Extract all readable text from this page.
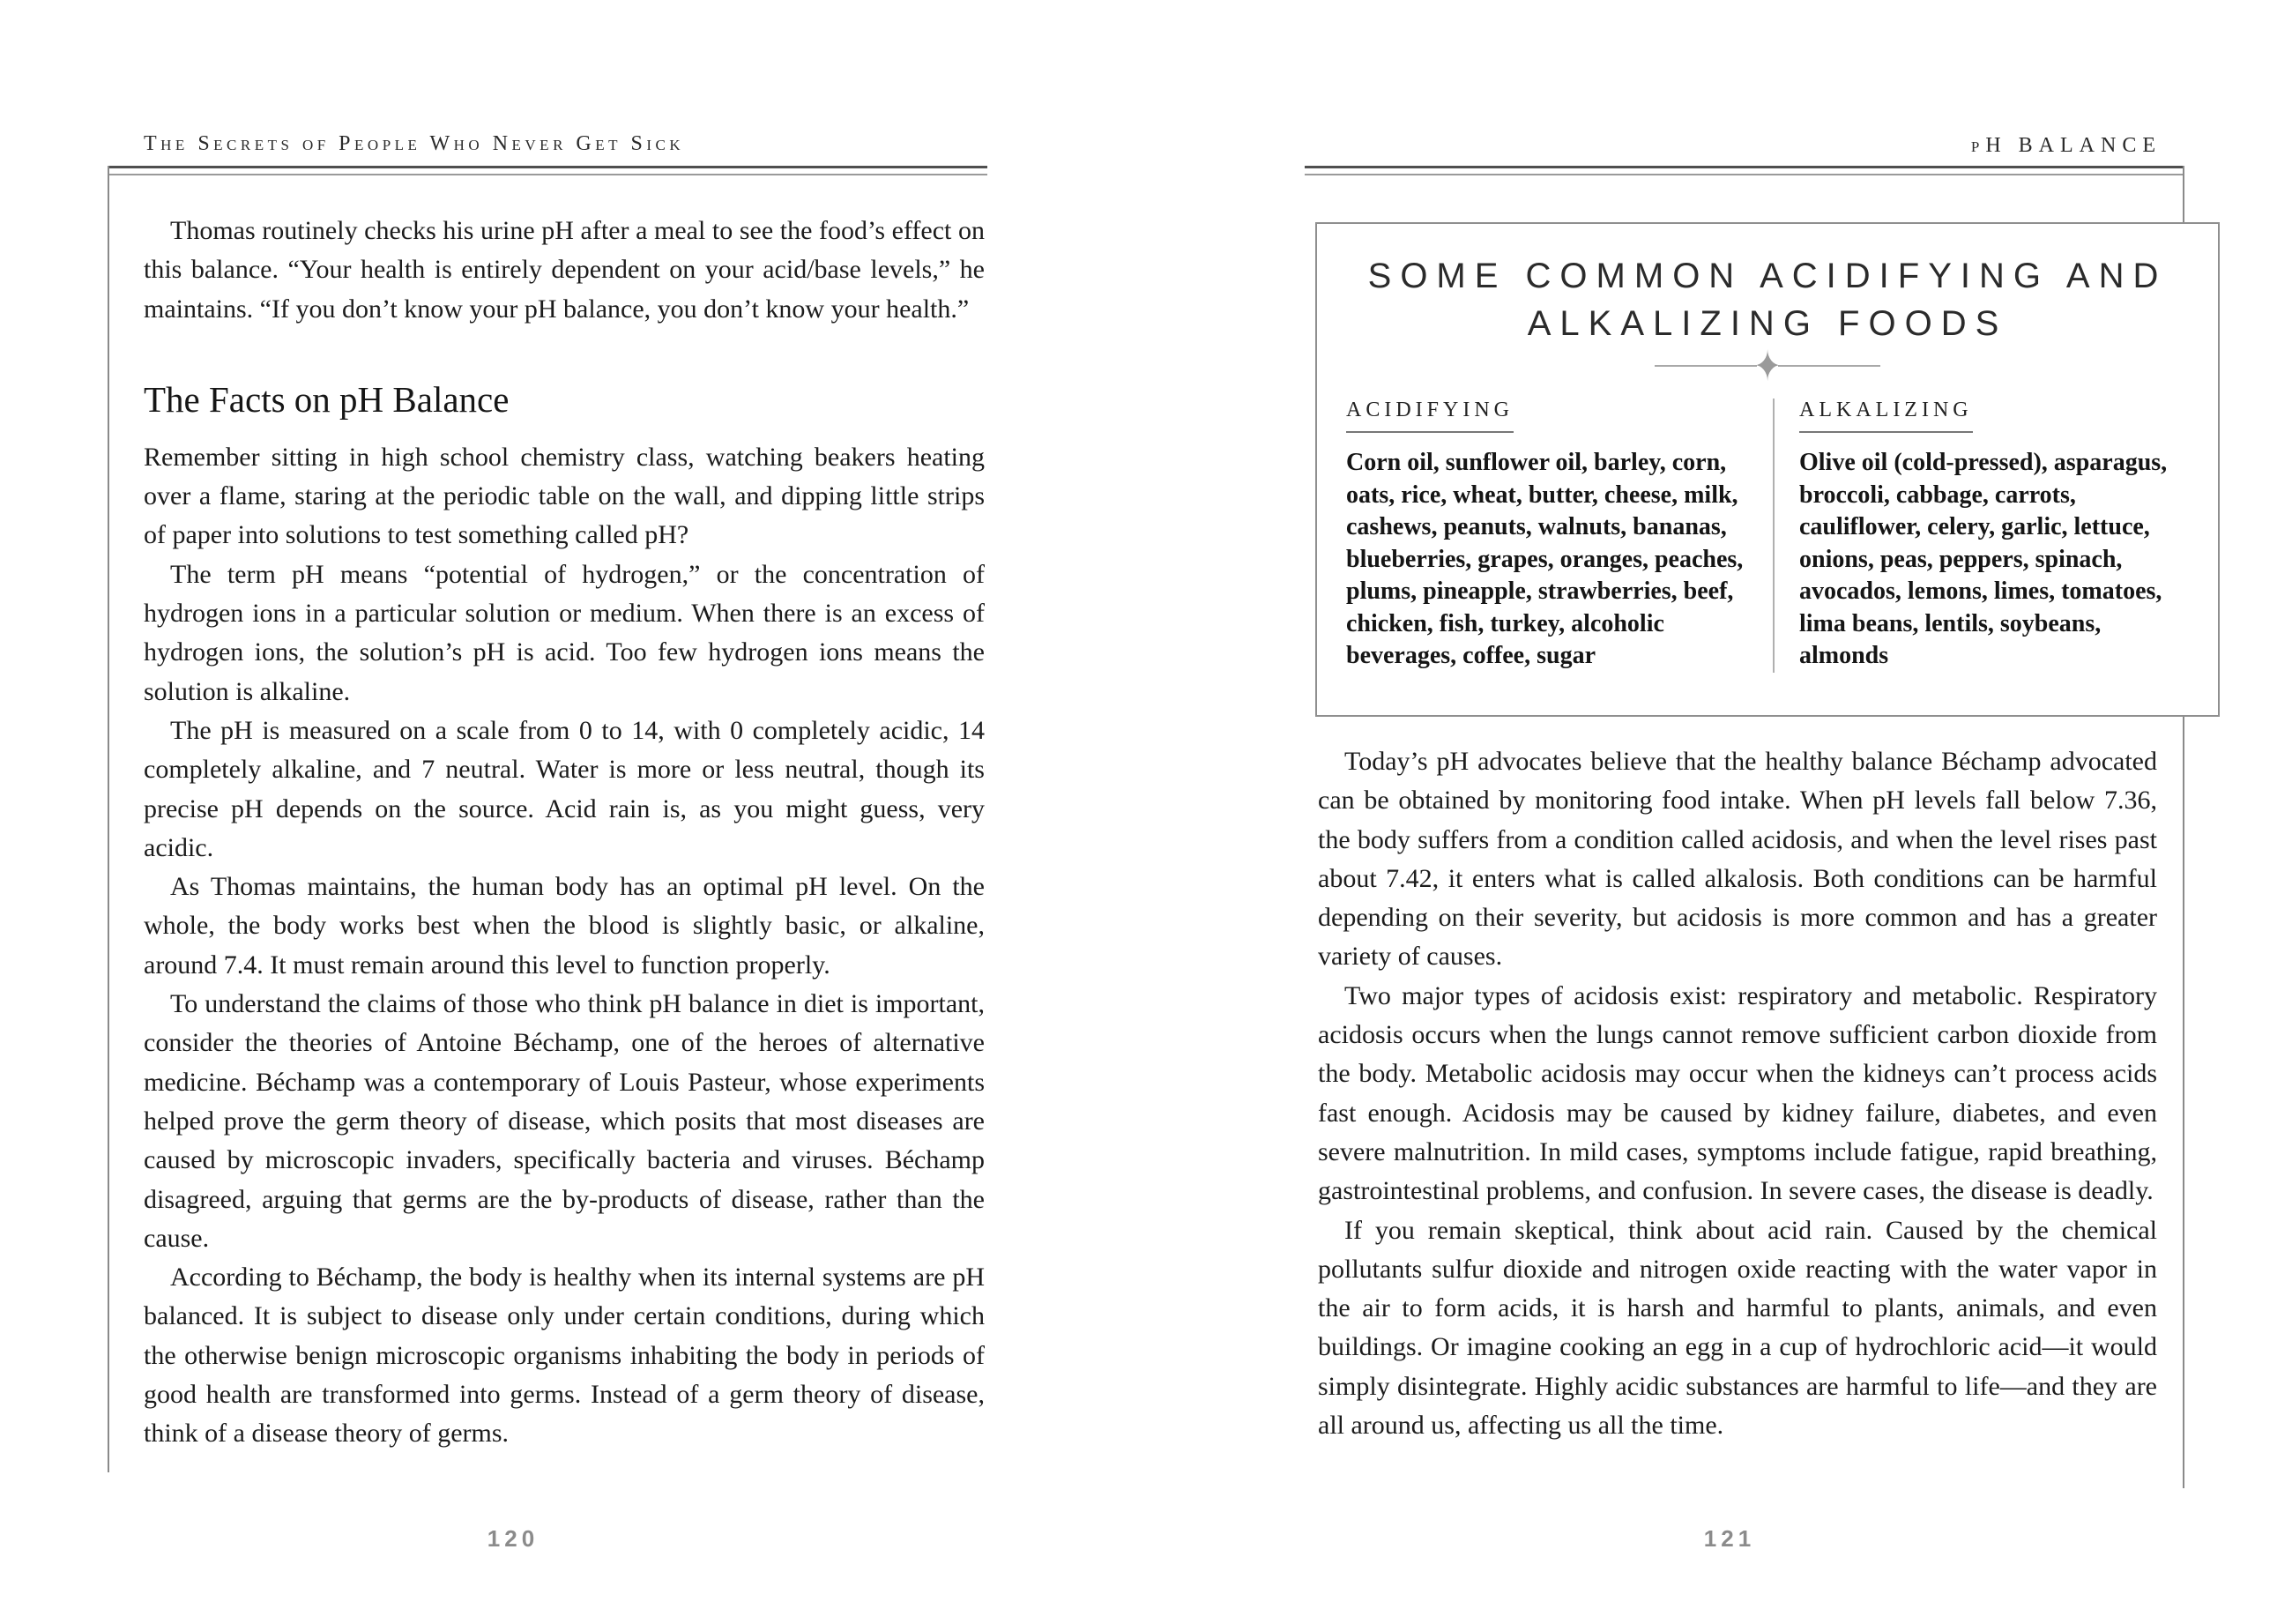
The Secrets of People Who Never Get Sick

Thomas routinely checks his urine pH after a meal to see the food’s effect on this balance. “Your health is entirely dependent on your acid/base levels,” he maintains. “If you don’t know your pH balance, you don’t know your health.”

The Facts on pH Balance

Remember sitting in high school chemistry class, watching beakers heating over a flame, staring at the periodic table on the wall, and dipping little strips of paper into solutions to test something called pH?

The term pH means “potential of hydrogen,” or the concentration of hydrogen ions in a particular solution or medium. When there is an excess of hydrogen ions, the solution’s pH is acid. Too few hydrogen ions means the solution is alkaline.

The pH is measured on a scale from 0 to 14, with 0 completely acidic, 14 completely alkaline, and 7 neutral. Water is more or less neutral, though its precise pH depends on the source. Acid rain is, as you might guess, very acidic.

As Thomas maintains, the human body has an optimal pH level. On the whole, the body works best when the blood is slightly basic, or alkaline, around 7.4. It must remain around this level to function properly.

To understand the claims of those who think pH balance in diet is important, consider the theories of Antoine Béchamp, one of the heroes of alternative medicine. Béchamp was a contemporary of Louis Pasteur, whose experiments helped prove the germ theory of disease, which posits that most diseases are caused by microscopic invaders, specifically bacteria and viruses. Béchamp disagreed, arguing that germs are the by-products of disease, rather than the cause.

According to Béchamp, the body is healthy when its internal systems are pH balanced. It is subject to disease only under certain conditions, during which the otherwise benign microscopic organisms inhabiting the body in periods of good health are transformed into germs. Instead of a germ theory of disease, think of a disease theory of germs.

120
pH BALANCE
SOME COMMON ACIDIFYING AND
ALKALIZING FOODS
✦
ACIDIFYING
Corn oil, sunflower oil, barley, corn, oats, rice, wheat, butter, cheese, milk, cashews, peanuts, walnuts, bananas, blueberries, grapes, oranges, peaches, plums, pineapple, strawberries, beef, chicken, fish, turkey, alcoholic beverages, coffee, sugar
ALKALIZING
Olive oil (cold-pressed), asparagus, broccoli, cabbage, carrots, cauliflower, celery, garlic, lettuce, onions, peas, peppers, spinach, avocados, lemons, limes, tomatoes, lima beans, lentils, soybeans, almonds

Today’s pH advocates believe that the healthy balance Béchamp advocated can be obtained by monitoring food intake. When pH levels fall below 7.36, the body suffers from a condition called acidosis, and when the level rises past about 7.42, it enters what is called alkalosis. Both conditions can be harmful depending on their severity, but acidosis is more common and has a greater variety of causes.

Two major types of acidosis exist: respiratory and metabolic. Respiratory acidosis occurs when the lungs cannot remove sufficient carbon dioxide from the body. Metabolic acidosis may occur when the kidneys can’t process acids fast enough. Acidosis may be caused by kidney failure, diabetes, and even severe malnutrition. In mild cases, symptoms include fatigue, rapid breathing, gastrointestinal problems, and confusion. In severe cases, the disease is deadly.

If you remain skeptical, think about acid rain. Caused by the chemical pollutants sulfur dioxide and nitrogen oxide reacting with the water vapor in the air to form acids, it is harsh and harmful to plants, animals, and even buildings. Or imagine cooking an egg in a cup of hydrochloric acid—it would simply disintegrate. Highly acidic substances are harmful to life—and they are all around us, affecting us all the time.

121
